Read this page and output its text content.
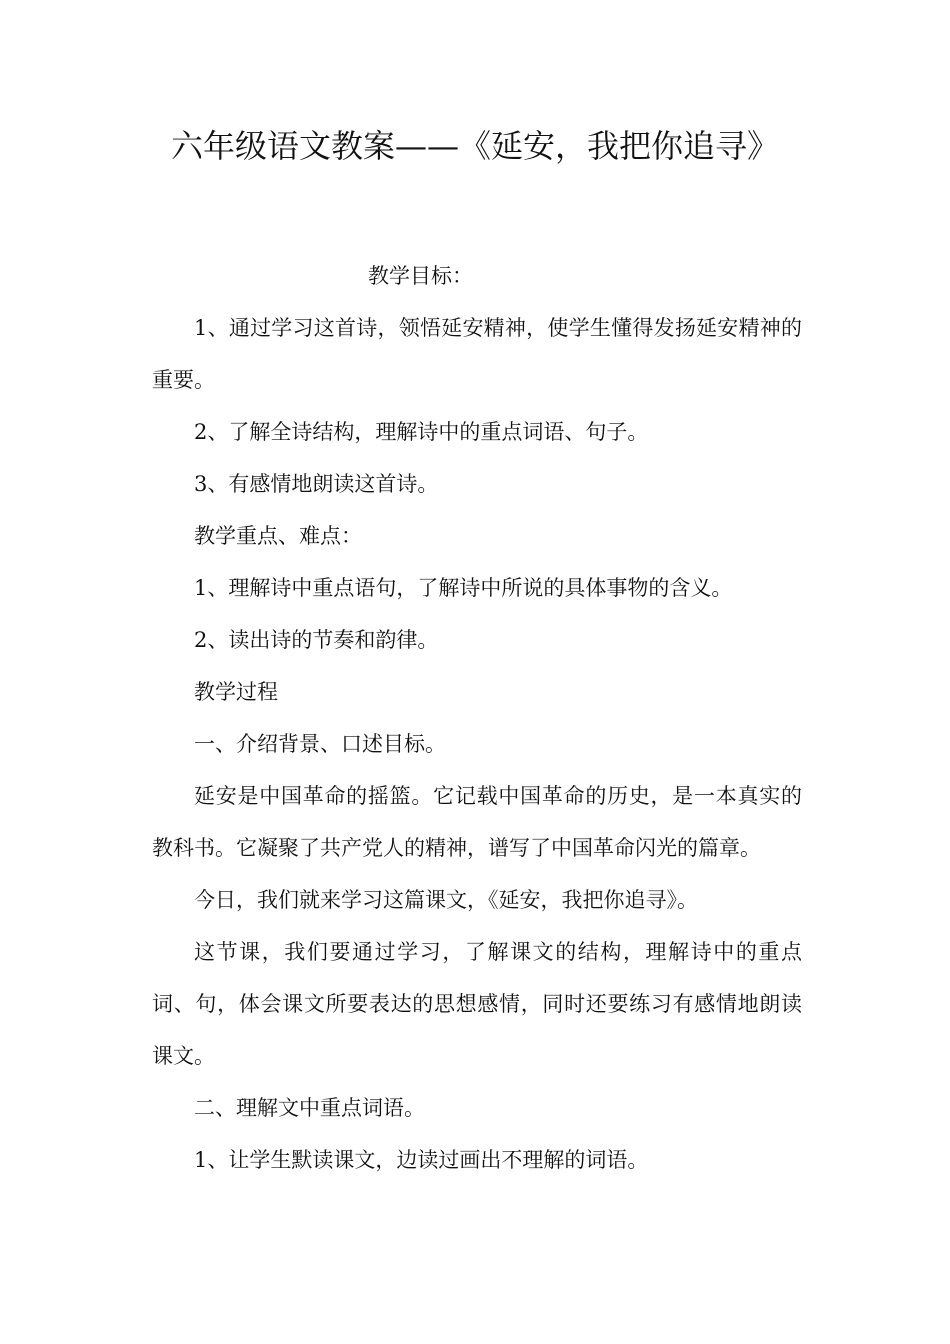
六年级语文教案——《延安，我把你追寻》

教学目标：

1、通过学习这首诗，领悟延安精神，使学生懂得发扬延安精神的重要。

2、了解全诗结构，理解诗中的重点词语、句子。

3、有感情地朗读这首诗。

教学重点、难点：

1、理解诗中重点语句，了解诗中所说的具体事物的含义。

2、读出诗的节奏和韵律。

教学过程

一、介绍背景、口述目标。

延安是中国革命的摇篮。它记载中国革命的历史，是一本真实的教科书。它凝聚了共产党人的精神，谱写了中国革命闪光的篇章。

今日，我们就来学习这篇课文，《延安，我把你追寻》。

这节课，我们要通过学习，了解课文的结构，理解诗中的重点词、句，体会课文所要表达的思想感情，同时还要练习有感情地朗读课文。

二、理解文中重点词语。

1、让学生默读课文，边读过画出不理解的词语。
